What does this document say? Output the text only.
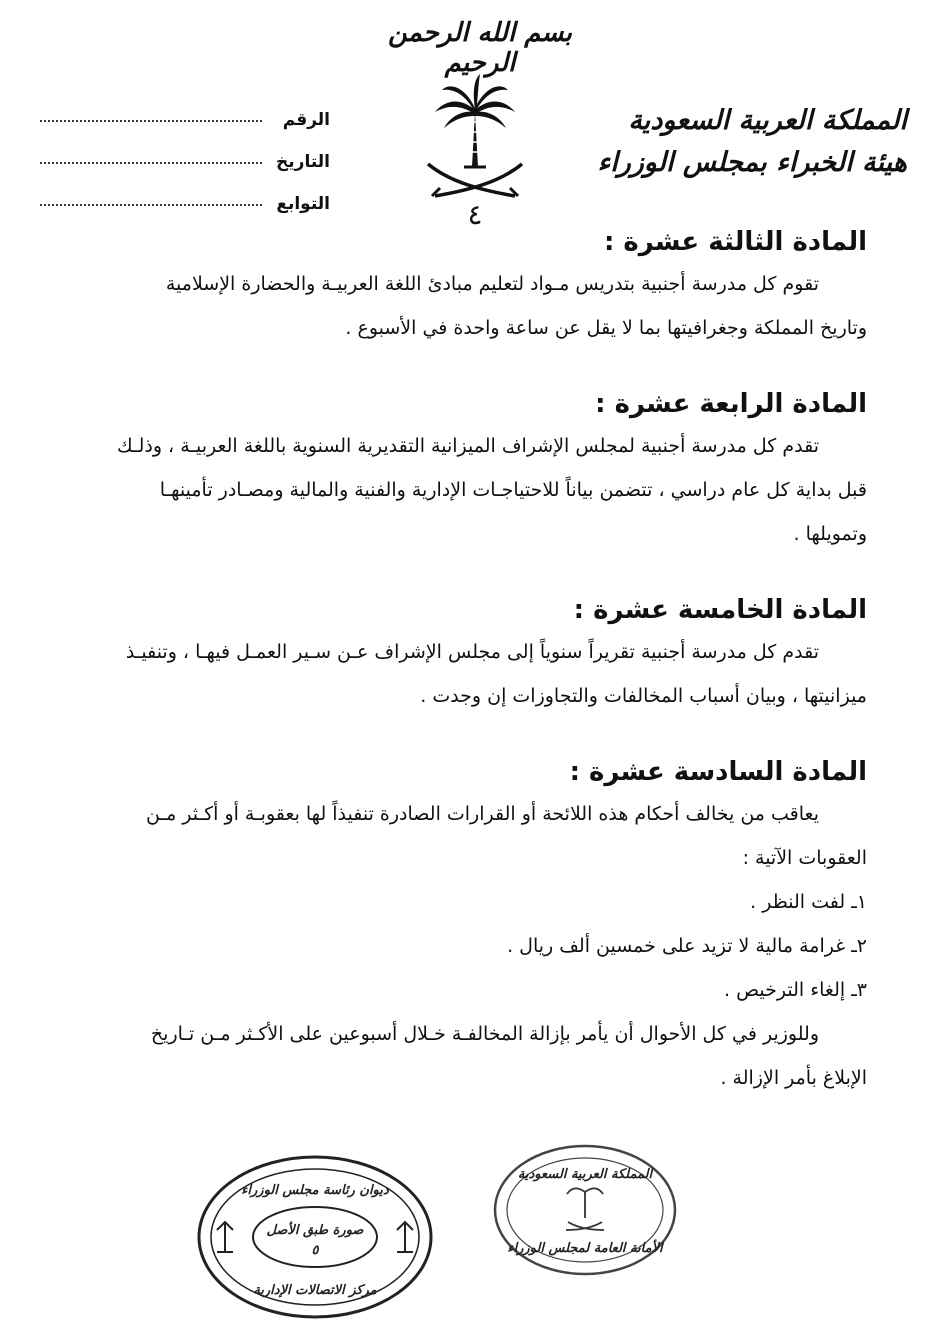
بسم الله الرحمن الرحيم
٤
المملكة العربية السعودية
هيئة الخبراء بمجلس الوزراء
الرقم
التاريخ
التوابع

المادة الثالثة عشرة :

تقوم كل مدرسة أجنبية بتدريس مـواد لتعليم مبادئ اللغة العربيـة والحضارة الإسلامية

وتاريخ المملكة وجغرافيتها بما لا يقل عن ساعة واحدة في الأسبوع .

المادة الرابعة عشرة :

تقدم كل مدرسة أجنبية لمجلس الإشراف الميزانية التقديرية السنوية باللغة العربيـة ، وذلـك

قبل بداية كل عام دراسي ، تتضمن بياناً للاحتياجـات الإدارية والفنية والمالية ومصـادر تأمينهـا

وتمويلها .

المادة الخامسة عشرة :

تقدم كل مدرسة أجنبية تقريراً سنوياً إلى مجلس الإشراف عـن سـير العمـل فيهـا ، وتنفيـذ

ميزانيتها ، وبيان أسباب المخالفات والتجاوزات إن وجدت .

المادة السادسة عشرة :

يعاقب من يخالف أحكام هذه اللائحة أو القرارات الصادرة تنفيذاً لها بعقوبـة أو أكـثر مـن

العقوبات الآتية :

١ـ لفت النظر .

٢ـ غرامة مالية لا تزيد على خمسين ألف ريال .

٣ـ إلغاء الترخيص .

وللوزير في كل الأحوال أن يأمر بإزالة المخالفـة خـلال أسبوعين على الأكـثر مـن تـاريخ

الإبلاغ بأمر الإزالة .

ديوان رئاسة مجلس الوزراء
صورة طبق الأصل
٥
مركز الاتصالات الإدارية
المملكة العربية السعودية
الأمانة العامة لمجلس الوزراء
